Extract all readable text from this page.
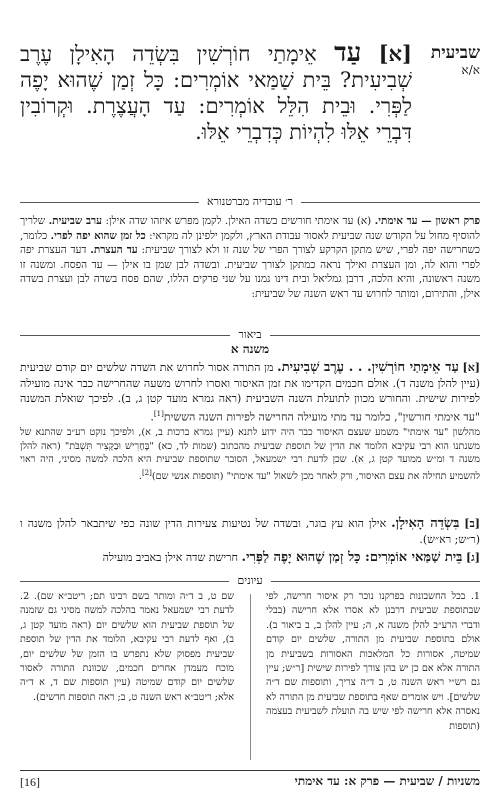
שביעית
א/א
[א] עַד אֵימָתַי חוֹרְשִׁין בִּשְׂדֵה הָאִילָן עֶרֶב שְׁבִיעִית? בֵּית שַׁמַּאי אוֹמְרִים: כָּל זְמַן שֶׁהוּא יָפֶה לַפְּרִי. וּבֵית הִלֵּל אוֹמְרִים: עַד הָעֲצֶרֶת. וּקְרוֹבִין דִּבְרֵי אֵלּוּ לִהְיוֹת כְּדִבְרֵי אֵלּוּ.
ר׳ עובדיה מברטנורא
פרק ראשון — עד אימתי. (א) עד אימתי חורשים בשדה האילן. לקמן מפרש איזהו שדה אילן: ערב שביעית. שלריך להוסיף מחול על הקודש שנה שביעית לאסור עבודת הארץ, ולקמן ילפינן לה מקראי: כל זמן שהוא יפה לפרי. כלומר, כשחרישה יפה לפרי, שיש מתקן הקרקע לצורך הפרי של שנה זו ולא לצורך שביעית: עד העצרת. דעד העצרת יפה לפרי והוא לה, ומן העצרת ואילך נראה כמתקן לצורך שביעית. ובשדה לבן שמן בו אילן — עד הפסח. ומשנה זו משנה ראשונה, והיא הלכה, דרבן גמליאל ובית דינו נמנו על שני פרקים הללו, שהם פסח בשדה לבן ועצרת בשדה אילן, והתירום, ומותר לחרוש עד ראש השנה של שביעית:
ביאור
משנה א
[א] עַד אֵימָתַי חוֹרְשִׁין. . . עֶרֶב שְׁבִיעִית. מן התורה אסור לחרוש את השדה שלשים יום קודם שביעית (עיין להלן משנה ד). אולם חכמים הקדימו את זמן האיסור ואסרו לחרוש משעה שהחרישה כבר אינה מועילה לפירות שישית. והחורש מכוון לתועלת השנה השביעית (ראה גמרא מועד קטן ג, ב). לפיכך שואלת המשנה "עד אימתי חורשין", כלומר עד מתי מועילה החרישה לפירות השנה הששית[1].
מהלשון "עד אימתי" משמע שעצם האיסור כבר היה ידוע לתנא (עיין גמרא ברכות ב, א), ולפיכך נוקט רע״ב שהתנא של משנתנו הוא רבי עקיבא הלומד את הדין של תוספת שביעית מהכתוב (שמות לד, כא) "בֶּחָרִישׁ וּבַקָּצִיר תִּשְׁבֹּת" (ראה להלן משנה ד ומ״ש ממועד קטן ג, א). שכן לדעת רבי ישמעאל, הסובר שתוספת שביעית היא הלכה למשה מסיני, היה ראוי להשמיע תחילה את עצם האיסור, ורק לאחר מכן לשאול "עד אימתי" (תוספות אנשי שם)[2].
[ב] בִּשְׂדֵה הָאִילָן. אילן הוא עץ בוגר, ובשדה של נטיעות צעירות הדין שונה כפי שיתבאר להלן משנה ו (ר״ש; רא״ש).
[ג] בֵּית שַׁמַּאי אוֹמְרִים: כָּל זְמַן שֶׁהוּא יָפֶה לַפְּרִי. חרישת שדה אילן באביב מועילה
עיונים
1. בכל החשבונות בפרקנו נוכר רק איסור חרישה, לפי שבתוספת שביעית דרבנן לא אסרו אלא חרישה (בבלי ודברי הרע״ב להלן משנה א, ה; עיין להלן ב, ב ביאור ב). אולם בתוספת שביעית מן התורה, שלשים יום קודם שמיטה, אסורות כל המלאכות האסורות בשביעית מן התורה אלא אם כן יש בהן צורך לפירות שישית [ר״ש; עיין גם רש״י ראש השנה ט, ב ד״ה צריך, ותוספות שם ד״ה שלשים]. ויש אומרים שאף בתוספת שביעית מן התורה לא נאסרה אלא חרישה לפי שיש בה תועלת לשביעית בעצמה (תוספות
שם ט, ב ד״ה ומותר בשם רבינו תם; ריטב״א שם). 2. לדעת רבי ישמעאל נאמר בהלכה למשה מסיני גם שזמנה של תוספת שביעית הוא שלשים יום (ראה מועד קטן ג, ב), ואף לדעת רבי עקיבא, הלומד את הדין של תוספת שביעית מפסוק שלא נתפרש בו הזמן של שלשים יום, מוכח מעמדן אחרים חכמים, שכוונת התורה לאסור שלשים יום קודם שמיטה (עיין תוספות שם ד, א ד״ה אלא; ריטב״א ראש השנה ט, ב; ראה תוספות חדשים).
משניות / שביעית — פרק א: עד אימתי
[16]
